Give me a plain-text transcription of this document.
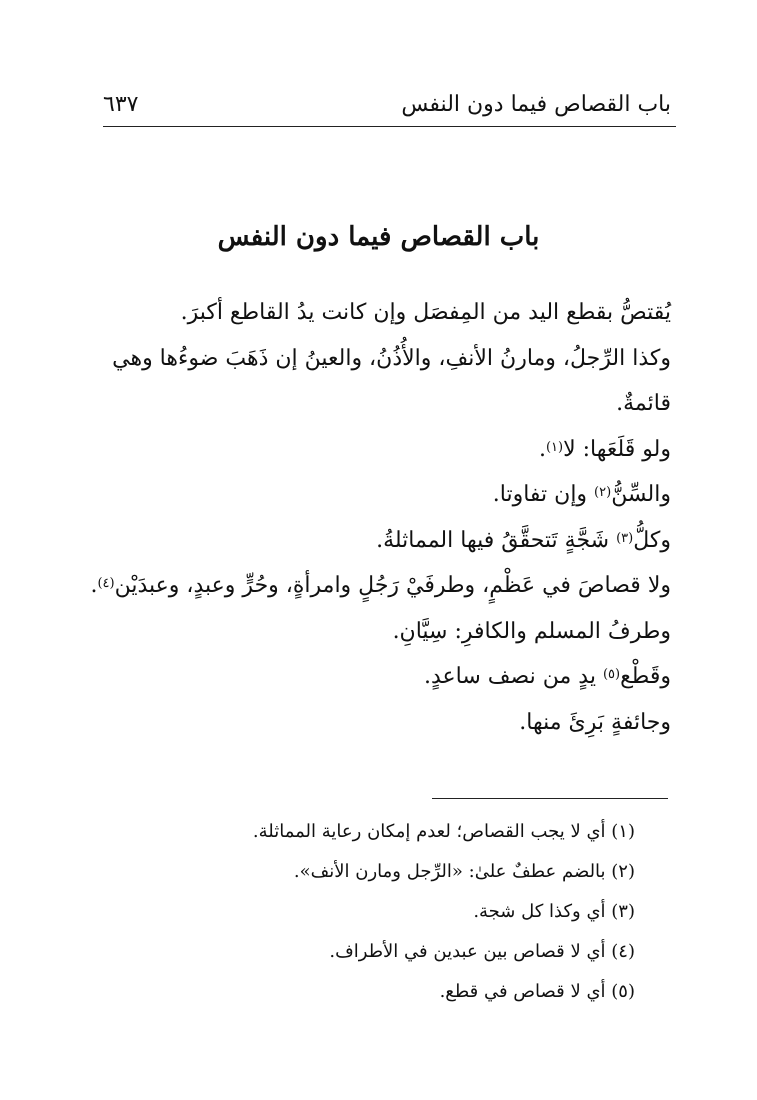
باب القصاص فيما دون النفس
٦٣٧
باب القصاص فيما دون النفس
يُقتصُّ بقطع اليد من المِفصَل وإن كانت يدُ القاطع أكبرَ.
وكذا الرِّجلُ، ومارنُ الأنفِ، والأُذُنُ، والعينُ إن ذَهَبَ ضوءُها وهي
قائمةٌ.
ولو قَلَعَها: لا$^{(١)}$.
والسِّنُّ$^{(٢)}$ وإن تفاوتا.
وكلُّ$^{(٣)}$ شَجَّةٍ تَتحقَّقُ فيها المماثلةُ.
ولا قصاصَ في عَظْمٍ، وطرفَيْ رَجُلٍ وامرأةٍ، وحُرٍّ وعبدٍ، وعبدَيْن$^{(٤)}$.
وطرفُ المسلم والكافرِ: سِيَّانِ.
وقَطْع$^{(٥)}$ يدٍ من نصف ساعدٍ.
وجائفةٍ بَرِئَ منها.
(١) أي لا يجب القصاص؛ لعدم إمكان رعاية المماثلة.
(٢) بالضم عطفٌ علىٰ: «الرِّجل ومارن الأنف».
(٣) أي وكذا كل شجة.
(٤) أي لا قصاص بين عبدين في الأطراف.
(٥) أي لا قصاص في قطع.
